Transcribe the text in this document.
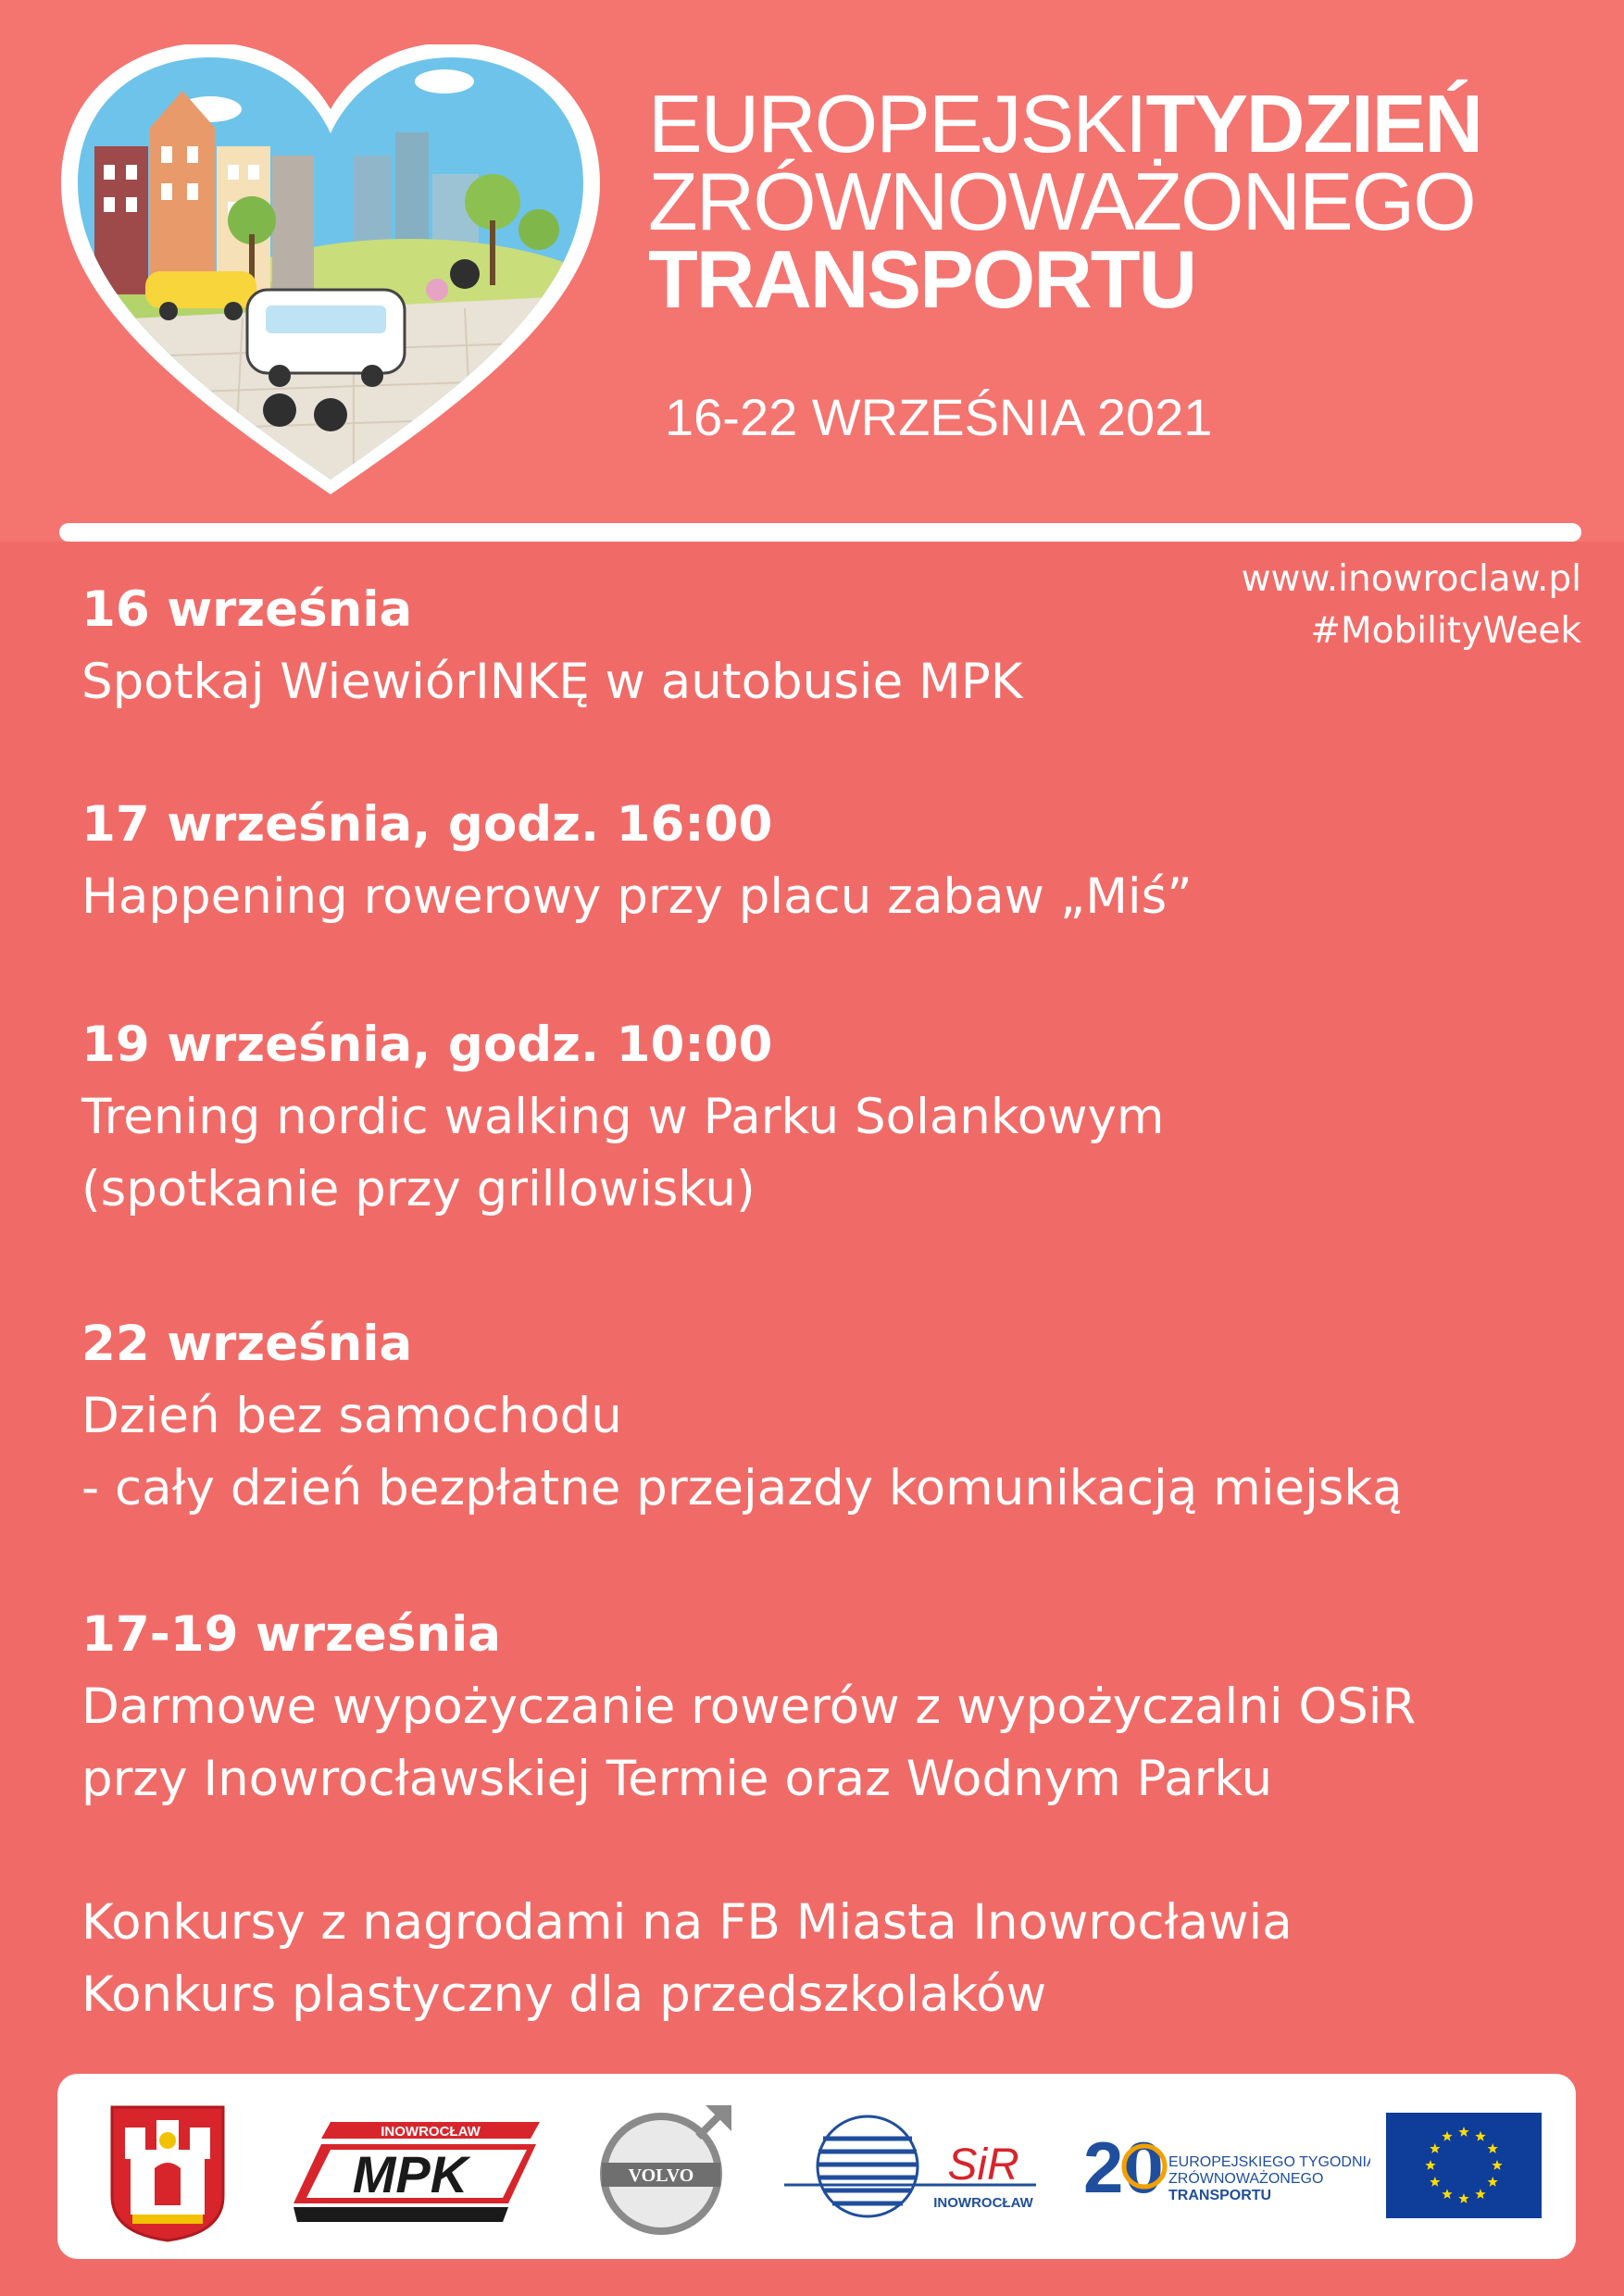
EUROPEJSKITYDZIEŃ
ZRÓWNOWAŻONEGO
TRANSPORTU
16-22 WRZEŚNIA 2021
www.inowroclaw.pl
#MobilityWeek
16 września
Spotkaj WiewiórINKĘ w autobusie MPK
17 września, godz. 16:00
Happening rowerowy przy placu zabaw „Miś”
19 września, godz. 10:00
Trening nordic walking w Parku Solankowym
(spotkanie przy grillowisku)
22 września
Dzień bez samochodu
- cały dzień bezpłatne przejazdy komunikacją miejską
17-19 września
Darmowe wypożyczanie rowerów z wypożyczalni OSiR
przy Inowrocławskiej Termie oraz Wodnym Parku
Konkursy z nagrodami na FB Miasta Inowrocławia
Konkurs plastyczny dla przedszkolaków
INOWROCŁAW
MPK	VOLVO	SiR
INOWROCŁAW 20 EUROPEJSKIEGO TYGODNIA
ZRÓWNOWAŻONEGO
TRANSPORTU
